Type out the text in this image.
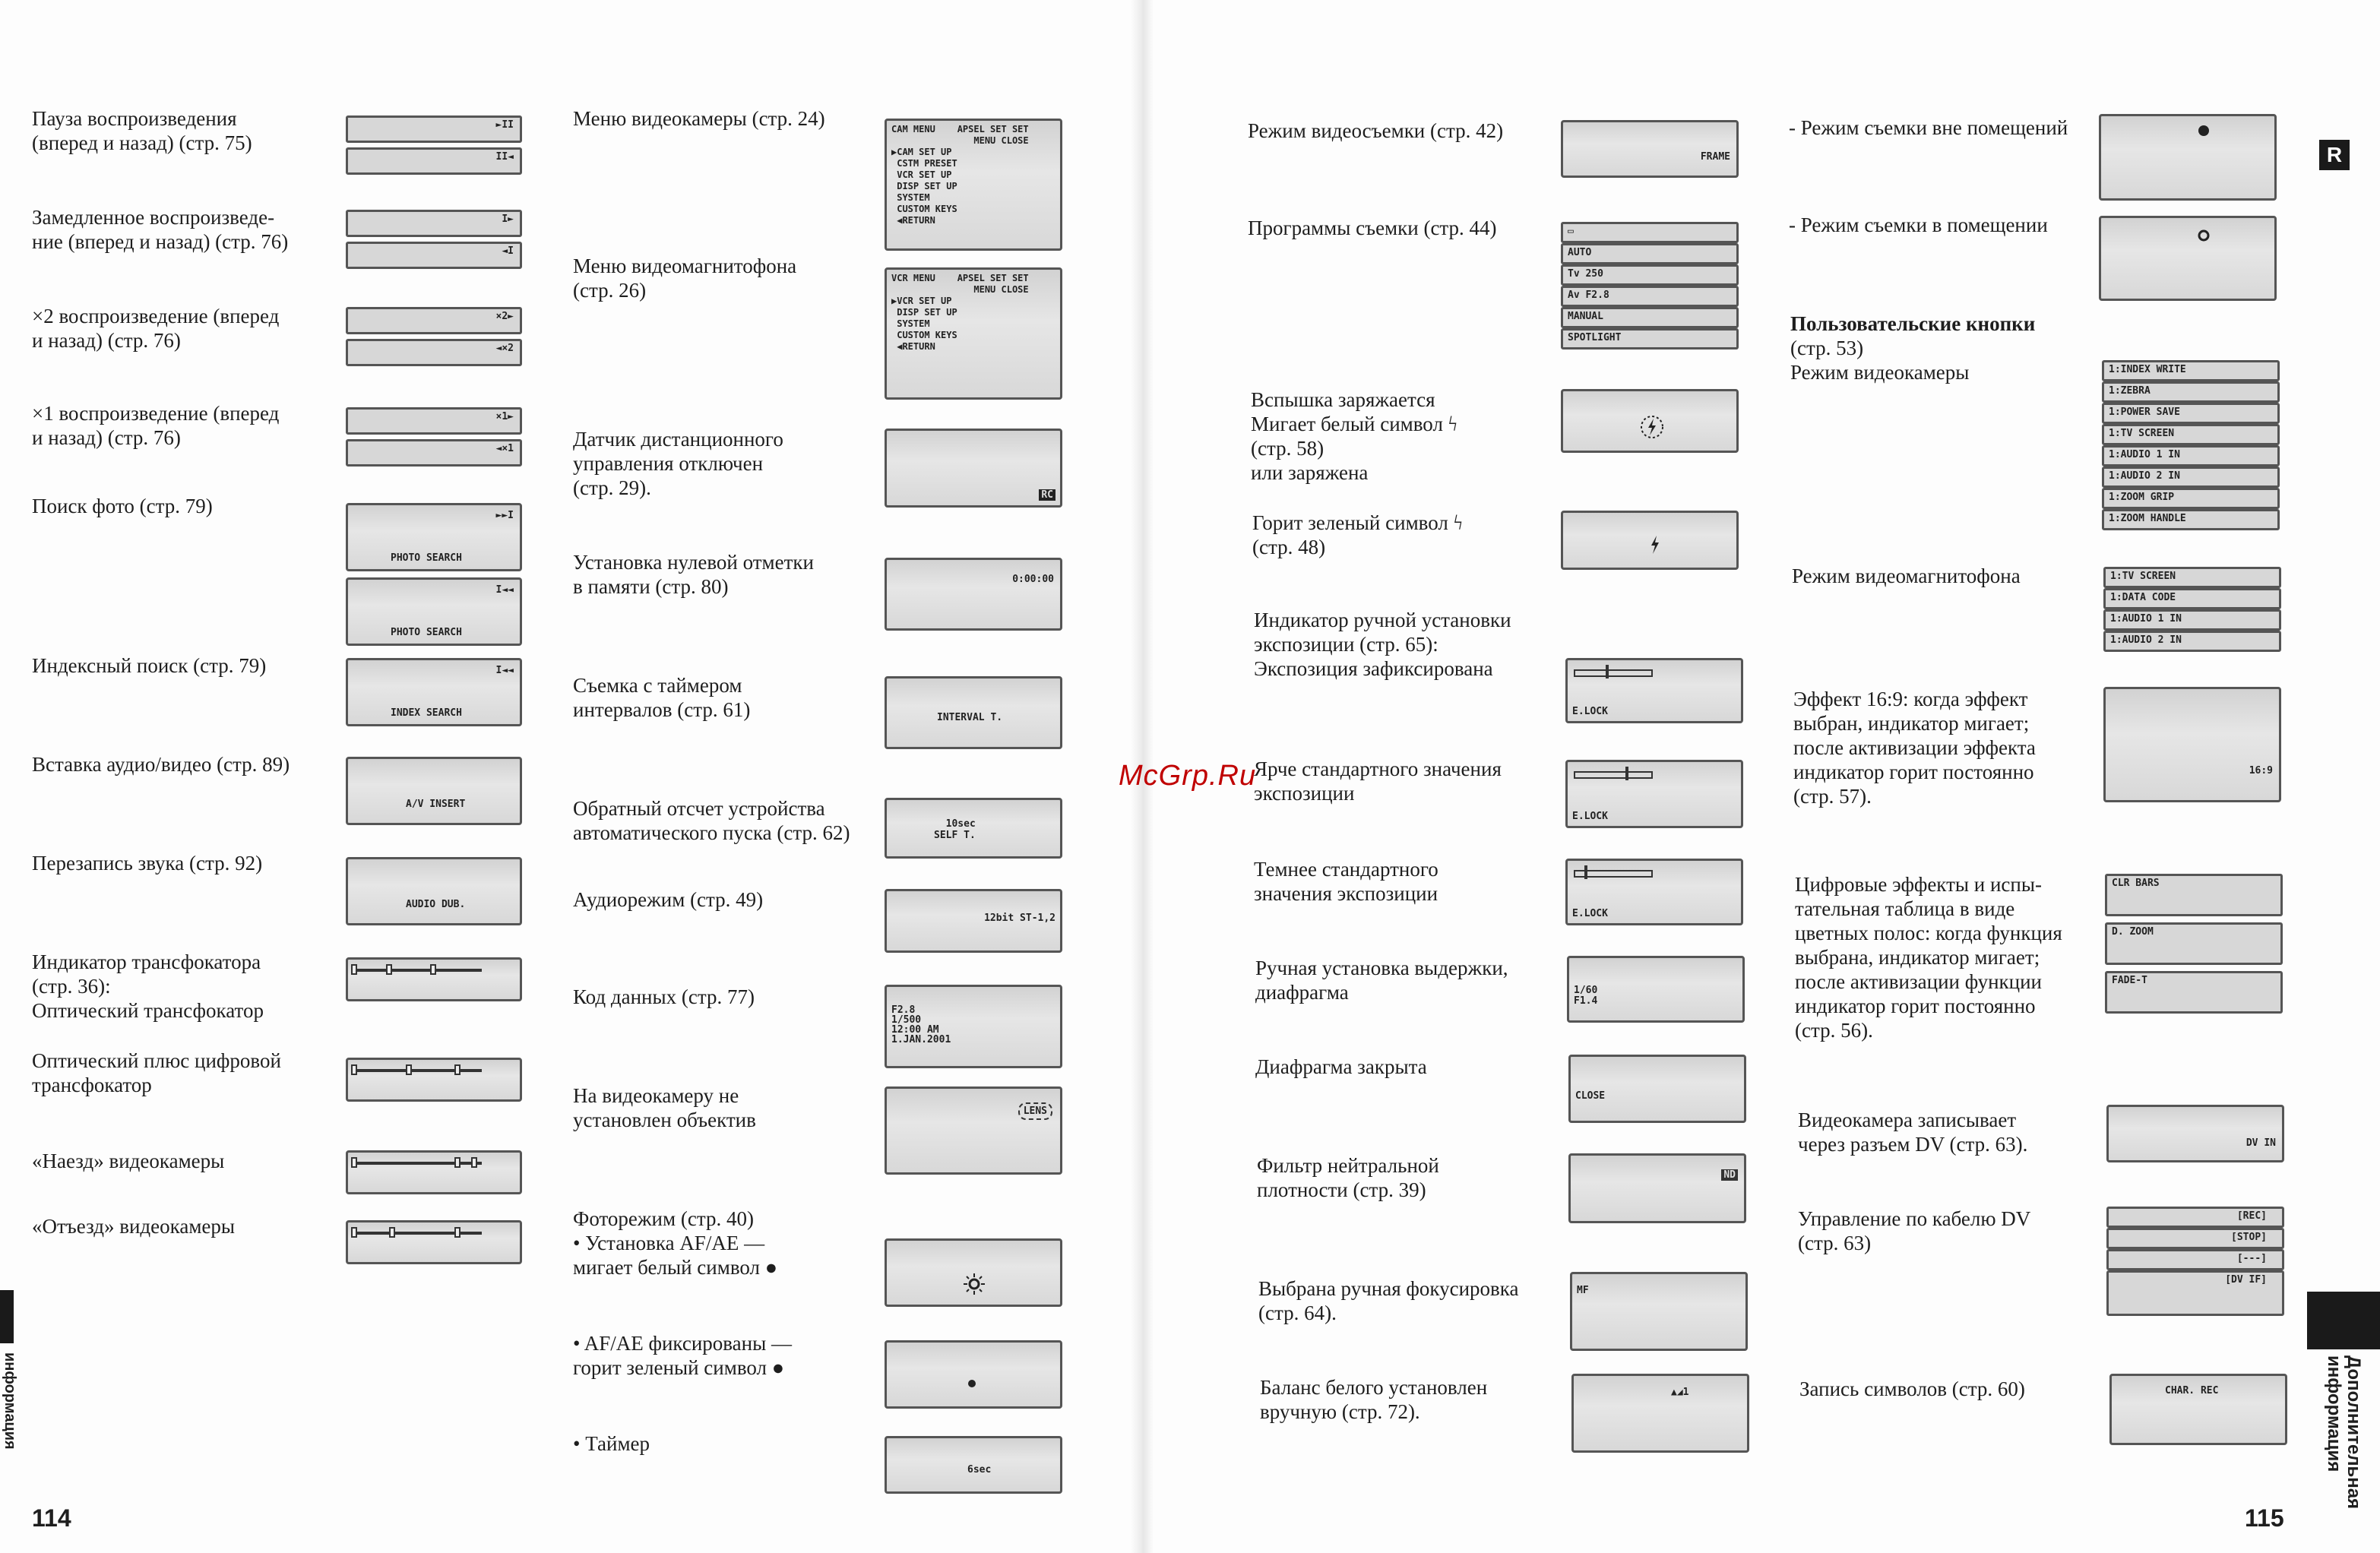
Пауза воспроизведения
(вперед и назад) (стр. 75)
Замедленное воспроизведе-
ние (вперед и назад) (стр. 76)
×2 воспроизведение (вперед
и назад) (стр. 76)
×1 воспроизведение (вперед
и назад) (стр. 76)
Поиск фото (стр. 79)
Индексный поиск (стр. 79)
Вставка аудио/видео (стр. 89)
Перезапись звука (стр. 92)
Индикатор трансфокатора
(стр. 36):
Оптический трансфокатор
Оптический плюс цифровой
трансфокатор
«Наезд» видеокамеры
«Отъезд» видеокамеры
►II
II◄
I►
◄I
×2►
◄×2
×1►
◄×1
►►I
PHOTO SEARCH
I◄◄
PHOTO SEARCH
I◄◄
INDEX SEARCH
A/V INSERT
AUDIO DUB.
Меню видеокамеры (стр. 24)
Меню видеомагнитофона
(стр. 26)
Датчик дистанционного
управления отключен
(стр. 29).
Установка нулевой отметки
в памяти (стр. 80)
Съемка с таймером
интервалов (стр. 61)
Обратный отсчет устройства
автоматического пуска (стр. 62)
Аудиорежим (стр. 49)
Код данных (стр. 77)
На видеокамеру не
установлен объектив
Фоторежим (стр. 40)
• Установка AF/AE —
мигает белый символ ●
• AF/AE фиксированы —
горит зеленый символ ●
• Таймер
CAM MENU    APSEL SET SET
MENU CLOSE
▶CAM SET UP
CSTM PRESET
VCR SET UP
DISP SET UP
SYSTEM
CUSTOM KEYS
◀RETURN
VCR MENU    APSEL SET SET
MENU CLOSE
▶VCR SET UP
DISP SET UP
SYSTEM
CUSTOM KEYS
◀RETURN
RC
0:00:00
INTERVAL T.
10sec
SELF T.
12bit ST-1,2
F2.8
1/500
12:00 AM
1.JAN.2001
LENS
6sec
информация
114
Режим видеосъемки (стр. 42)
Программы съемки (стр. 44)
Вспышка заряжается
Мигает белый символ ϟ
(стр. 58)
или заряжена
Горит зеленый символ ϟ
(стр. 48)
Индикатор ручной установки
экспозиции (стр. 65):
Экспозиция зафиксирована
Ярче стандартного значения
экспозиции
Темнее стандартного
значения экспозиции
Ручная установка выдержки,
диафрагма
Диафрагма закрыта
Фильтр нейтральной
плотности (стр. 39)
Выбрана ручная фокусировка
(стр. 64).
Баланс белого установлен
вручную (стр. 72).
FRAME
▭
AUTO
Tv 250
Av F2.8
MANUAL
SPOTLIGHT
E.LOCK
E.LOCK
E.LOCK
1/60
F1.4
CLOSE
ND
MF
▲◢1
- Режим съемки вне помещений
- Режим съемки в помещении
Пользовательские кнопки
(стр. 53)
Режим видеокамеры
Режим видеомагнитофона
Эффект 16:9: когда эффект
выбран, индикатор мигает;
после активизации эффекта
индикатор горит постоянно
(стр. 57).
Цифровые эффекты и испы-
тательная таблица в виде
цветных полос: когда функция
выбрана, индикатор мигает;
после активизации функции
индикатор горит постоянно
(стр. 56).
Видеокамера записывает
через разъем DV (стр. 63).
Управление по кабелю DV
(стр. 63)
Запись символов (стр. 60)
1:INDEX WRITE
1:ZEBRA
1:POWER SAVE
1:TV SCREEN
1:AUDIO 1 IN
1:AUDIO 2 IN
1:ZOOM GRIP
1:ZOOM HANDLE
1:TV SCREEN
1:DATA CODE
1:AUDIO 1 IN
1:AUDIO 2 IN
16:9
CLR BARS
D. ZOOM
FADE-T
DV IN
[REC]
[STOP]
[---]
[DV IF]
CHAR. REC
R
Дополнительная
информация
115
McGrp.Ru
